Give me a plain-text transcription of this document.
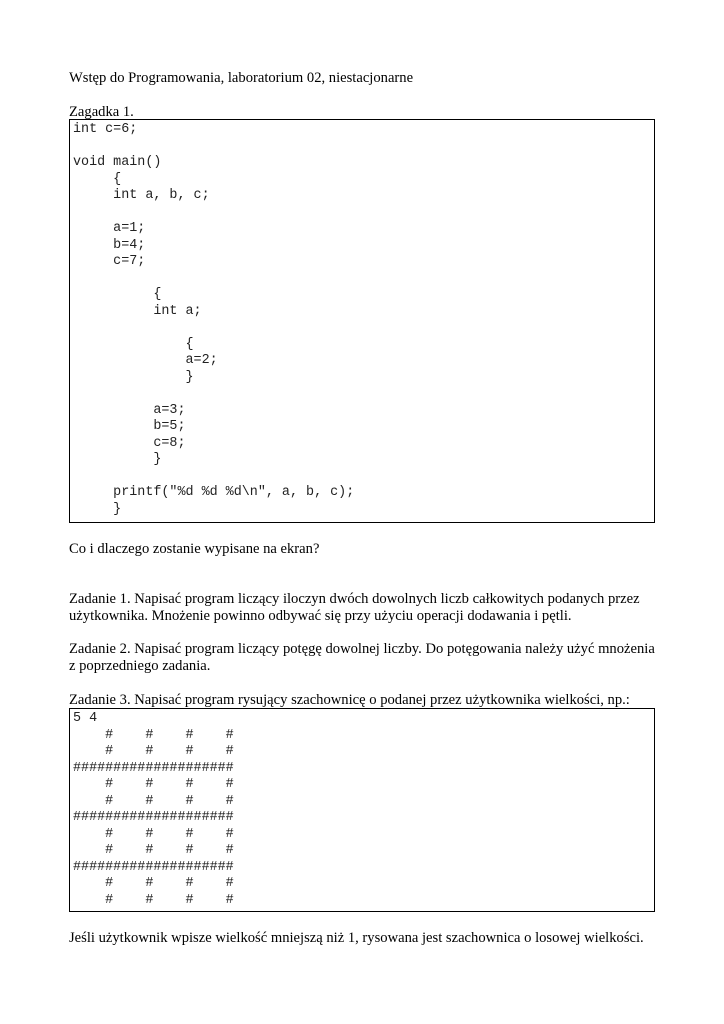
Wstęp do Programowania, laboratorium 02, niestacjonarne

Zagadka 1.

int c=6;

void main()
{
int a, b, c;

a=1;
b=4;
c=7;

{
int a;

{
a=2;
}

a=3;
b=5;
c=8;
}

printf("%d %d %d\n", a, b, c);
}

Co i dlaczego zostanie wypisane na ekran?

Zadanie 1. Napisać program liczący iloczyn dwóch dowolnych liczb całkowitych podanych przez użytkownika. Mnożenie powinno odbywać się przy użyciu operacji dodawania i pętli.

Zadanie 2. Napisać program liczący potęgę dowolnej liczby. Do potęgowania należy użyć mnożenia z poprzedniego zadania.

Zadanie 3. Napisać program rysujący szachownicę o podanej przez użytkownika wielkości, np.:

5 4
#    #    #    #
#    #    #    #
####################
#    #    #    #
#    #    #    #
####################
#    #    #    #
#    #    #    #
####################
#    #    #    #
#    #    #    #

Jeśli użytkownik wpisze wielkość mniejszą niż 1, rysowana jest szachownica o losowej wielkości.
